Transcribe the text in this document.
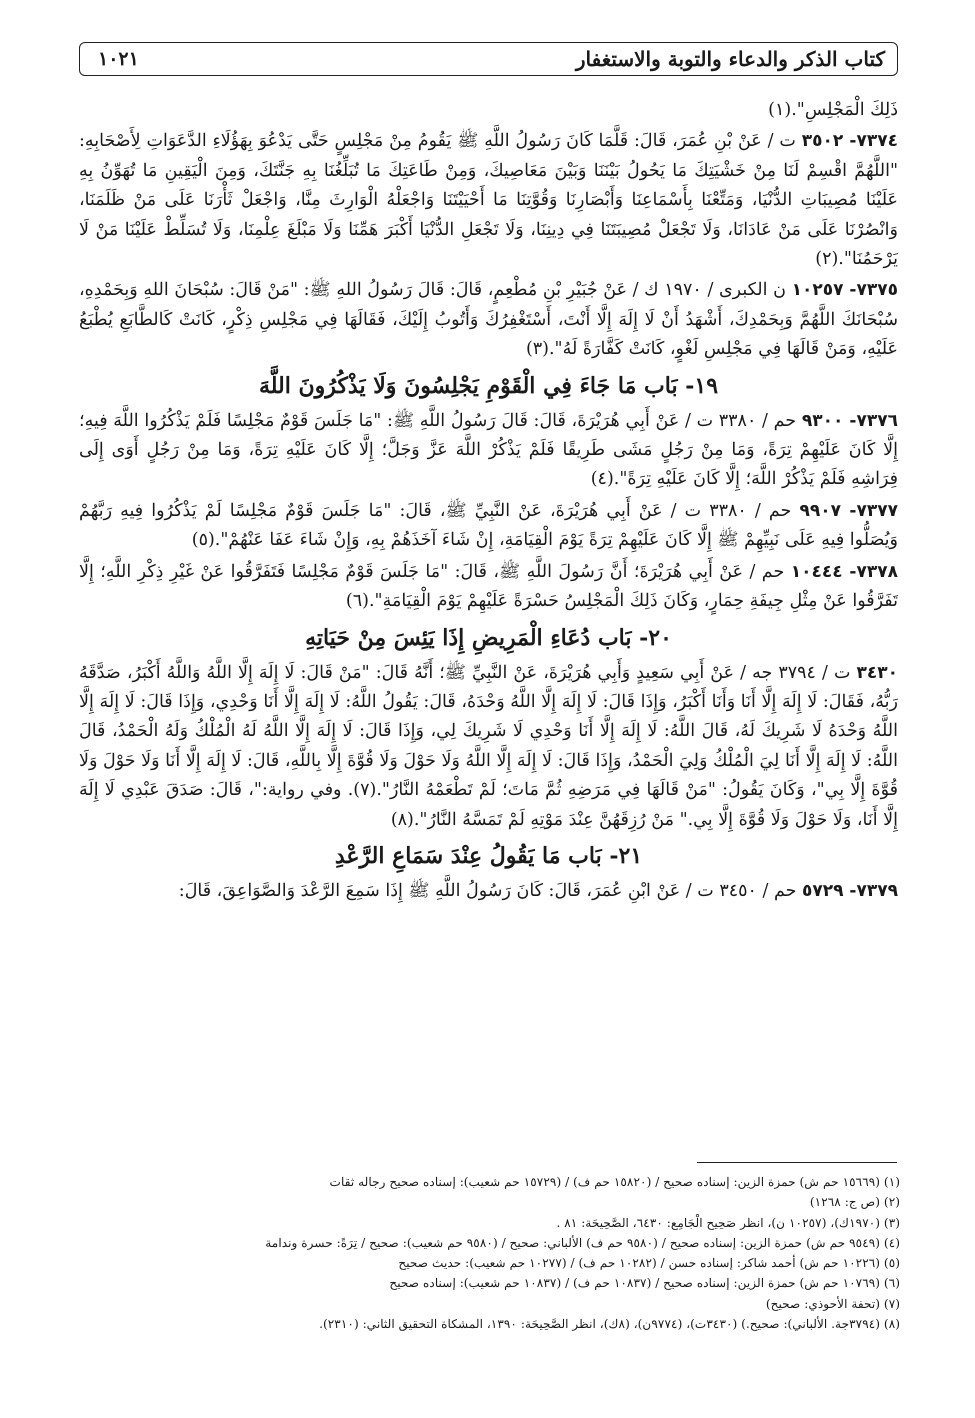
كتاب الذكر والدعاء والتوبة والاستغفار
١٠٢١

ذَلِكَ الْمَجْلِسِ".(١)

٧٣٧٤- ٣٥٠٢ ت / عَنْ بْنِ عُمَرَ، قَالَ: قَلَّمَا كَانَ رَسُولُ اللَّهِ ﷺ يَقُومُ مِنْ مَجْلِسٍ حَتَّى يَدْعُوَ بِهَؤُلَاءِ الدَّعَوَاتِ لِأَصْحَابِهِ: "اللَّهُمَّ اقْسِمْ لَنَا مِنْ خَشْيَتِكَ مَا يَحُولُ بَيْنَنَا وَبَيْنَ مَعَاصِيكَ، وَمِنْ طَاعَتِكَ مَا تُبَلِّغُنَا بِهِ جَنَّتَكَ، وَمِنَ الْيَقِينِ مَا تُهَوِّنُ بِهِ عَلَيْنَا مُصِيبَاتِ الدُّنْيَا، وَمَتِّعْنَا بِأَسْمَاعِنَا وَأَبْصَارِنَا وَقُوَّتِنَا مَا أَحْيَيْتَنَا وَاجْعَلْهُ الْوَارِثَ مِنَّا، وَاجْعَلْ ثَأْرَنَا عَلَى مَنْ ظَلَمَنَا، وَانْصُرْنَا عَلَى مَنْ عَادَانَا، وَلَا تَجْعَلْ مُصِيبَتَنَا فِي دِينِنَا، وَلَا تَجْعَلِ الدُّنْيَا أَكْبَرَ هَمِّنَا وَلَا مَبْلَغَ عِلْمِنَا، وَلَا تُسَلِّطْ عَلَيْنَا مَنْ لَا يَرْحَمُنَا".(٢)

٧٣٧٥- ١٠٢٥٧ ن الكبرى / ١٩٧٠ ك / عَنْ جُبَيْرِ بْنِ مُطْعِمٍ، قَالَ: قَالَ رَسُولُ اللهِ ﷺ: "مَنْ قَالَ: سُبْحَانَ اللهِ وَبِحَمْدِهِ، سُبْحَانَكَ اللَّهُمَّ وَبِحَمْدِكَ، أَشْهَدُ أَنْ لَا إِلَهَ إِلَّا أَنْتَ، أَسْتَغْفِرُكَ وَأَتُوبُ إِلَيْكَ، فَقَالَهَا فِي مَجْلِسِ ذِكْرٍ، كَانَتْ كَالطَّابَعِ يُطْبَعُ عَلَيْهِ، وَمَنْ قَالَهَا فِي مَجْلِسِ لَغْوٍ، كَانَتْ كَفَّارَةً لَهُ".(٣)

١٩- بَاب مَا جَاءَ فِي الْقَوْمِ يَجْلِسُونَ وَلَا يَذْكُرُونَ اللَّهَ

٧٣٧٦- ٩٣٠٠ حم / ٣٣٨٠ ت / عَنْ أَبِي هُرَيْرَةَ، قَالَ: قَالَ رَسُولُ اللَّهِ ﷺ: "مَا جَلَسَ قَوْمٌ مَجْلِسًا فَلَمْ يَذْكُرُوا اللَّهَ فِيهِ؛ إِلَّا كَانَ عَلَيْهِمْ تِرَةً، وَمَا مِنْ رَجُلٍ مَشَى طَرِيقًا فَلَمْ يَذْكُرْ اللَّهَ عَزَّ وَجَلَّ؛ إِلَّا كَانَ عَلَيْهِ تِرَةً، وَمَا مِنْ رَجُلٍ أَوَى إِلَى فِرَاشِهِ فَلَمْ يَذْكُرْ اللَّهَ؛ إِلَّا كَانَ عَلَيْهِ تِرَةً".(٤)

٧٣٧٧- ٩٩٠٧ حم / ٣٣٨٠ ت / عَنْ أَبِي هُرَيْرَةَ، عَنْ النَّبِيِّ ﷺ، قَالَ: "مَا جَلَسَ قَوْمٌ مَجْلِسًا لَمْ يَذْكُرُوا فِيهِ رَبَّهُمْ وَيُصَلُّوا فِيهِ عَلَى نَبِيِّهِمْ ﷺ إِلَّا كَانَ عَلَيْهِمْ تِرَةً يَوْمَ الْقِيَامَةِ، إِنْ شَاءَ آخَذَهُمْ بِهِ، وَإِنْ شَاءَ عَفَا عَنْهُمْ".(٥)

٧٣٧٨- ١٠٤٤٤ حم / عَنْ أَبِي هُرَيْرَةَ؛ أَنَّ رَسُولَ اللَّهِ ﷺ، قَالَ: "مَا جَلَسَ قَوْمٌ مَجْلِسًا فَتَفَرَّقُوا عَنْ غَيْرِ ذِكْرِ اللَّهِ؛ إِلَّا تَفَرَّقُوا عَنْ مِثْلِ جِيفَةِ حِمَارٍ، وَكَانَ ذَلِكَ الْمَجْلِسُ حَسْرَةً عَلَيْهِمْ يَوْمَ الْقِيَامَةِ".(٦)

٢٠- بَاب دُعَاءِ الْمَرِيضِ إِذَا يَئِسَ مِنْ حَيَاتِهِ

٣٤٣٠ ت / ٣٧٩٤ جه / عَنْ أَبِي سَعِيدٍ وَأَبِي هُرَيْرَةَ، عَنْ النَّبِيِّ ﷺ؛ أَنَّهُ قَالَ: "مَنْ قَالَ: لَا إِلَهَ إِلَّا اللَّهُ وَاللَّهُ أَكْبَرُ، صَدَّقَهُ رَبُّهُ، فَقَالَ: لَا إِلَهَ إِلَّا أَنَا وَأَنَا أَكْبَرُ، وَإِذَا قَالَ: لَا إِلَهَ إِلَّا اللَّهُ وَحْدَهُ، قَالَ: يَقُولُ اللَّهُ: لَا إِلَهَ إِلَّا أَنَا وَحْدِي، وَإِذَا قَالَ: لَا إِلَهَ إِلَّا اللَّهُ وَحْدَهُ لَا شَرِيكَ لَهُ، قَالَ اللَّهُ: لَا إِلَهَ إِلَّا أَنَا وَحْدِي لَا شَرِيكَ لِي، وَإِذَا قَالَ: لَا إِلَهَ إِلَّا اللَّهُ لَهُ الْمُلْكُ وَلَهُ الْحَمْدُ، قَالَ اللَّهُ: لَا إِلَهَ إِلَّا أَنَا لِيَ الْمُلْكُ وَلِيَ الْحَمْدُ، وَإِذَا قَالَ: لَا إِلَهَ إِلَّا اللَّهُ وَلَا حَوْلَ وَلَا قُوَّةَ إِلَّا بِاللَّهِ، قَالَ: لَا إِلَهَ إِلَّا أَنَا وَلَا حَوْلَ وَلَا قُوَّةَ إِلَّا بِي"، وَكَانَ يَقُولُ: "مَنْ قَالَهَا فِي مَرَضِهِ ثُمَّ مَاتَ؛ لَمْ تَطْعَمْهُ النَّارُ".(٧). وفي رواية:"، قَالَ: صَدَقَ عَبْدِي لَا إِلَهَ إِلَّا أَنَا، وَلَا حَوْلَ وَلَا قُوَّةَ إِلَّا بِي." مَنْ رُزِقَهُنَّ عِنْدَ مَوْتِهِ لَمْ تَمَسَّهُ النَّارُ".(٨)

٢١- بَاب مَا يَقُولُ عِنْدَ سَمَاعِ الرَّعْدِ

٧٣٧٩- ٥٧٢٩ حم / ٣٤٥٠ ت / عَنْ ابْنِ عُمَرَ، قَالَ: كَانَ رَسُولُ اللَّهِ ﷺ إِذَا سَمِعَ الرَّعْدَ وَالصَّوَاعِقَ، قَالَ:

(١) (١٥٦٦٩ حم ش) حمزة الزين: إسناده صحيح / (١٥٨٢٠ حم ف) / (١٥٧٢٩ حم شعيب): إسناده صحيح رجاله ثقات
(٢) (ص ج: ١٢٦٨)
(٣) (١٩٧٠ك)، (١٠٢٥٧ ن)، انظر صَحِيح الْجَامِع: ٦٤٣٠، الصَّحِيحَة: ٨١ .
(٤) (٩٥٤٩ حم ش) حمزة الزين: إسناده صحيح / (٩٥٨٠ حم ف) الألباني: صحيح / (٩٥٨٠ حم شعيب): صحيح / تِرَةً: حسرة وندامة
(٥) (١٠٢٢٦ حم ش) أحمد شاكر: إسناده حسن / (١٠٢٨٢ حم ف) / (١٠٢٧٧ حم شعيب): حديث صحيح
(٦) (١٠٧٦٩ حم ش) حمزة الزين: إسناده صحيح / (١٠٨٣٧ حم ف) / (١٠٨٣٧ حم شعيب): إسناده صحيح
(٧) (تحفة الأحوذي: صحيح)
(٨) (٣٧٩٤جة. الألباني): صحيح.) (٣٤٣٠ت)، (٩٧٧٤ن)، (٨ك)، انظر الصَّحِيحَة: ١٣٩٠، المشكاة التحقيق الثاني: (٢٣١٠).
